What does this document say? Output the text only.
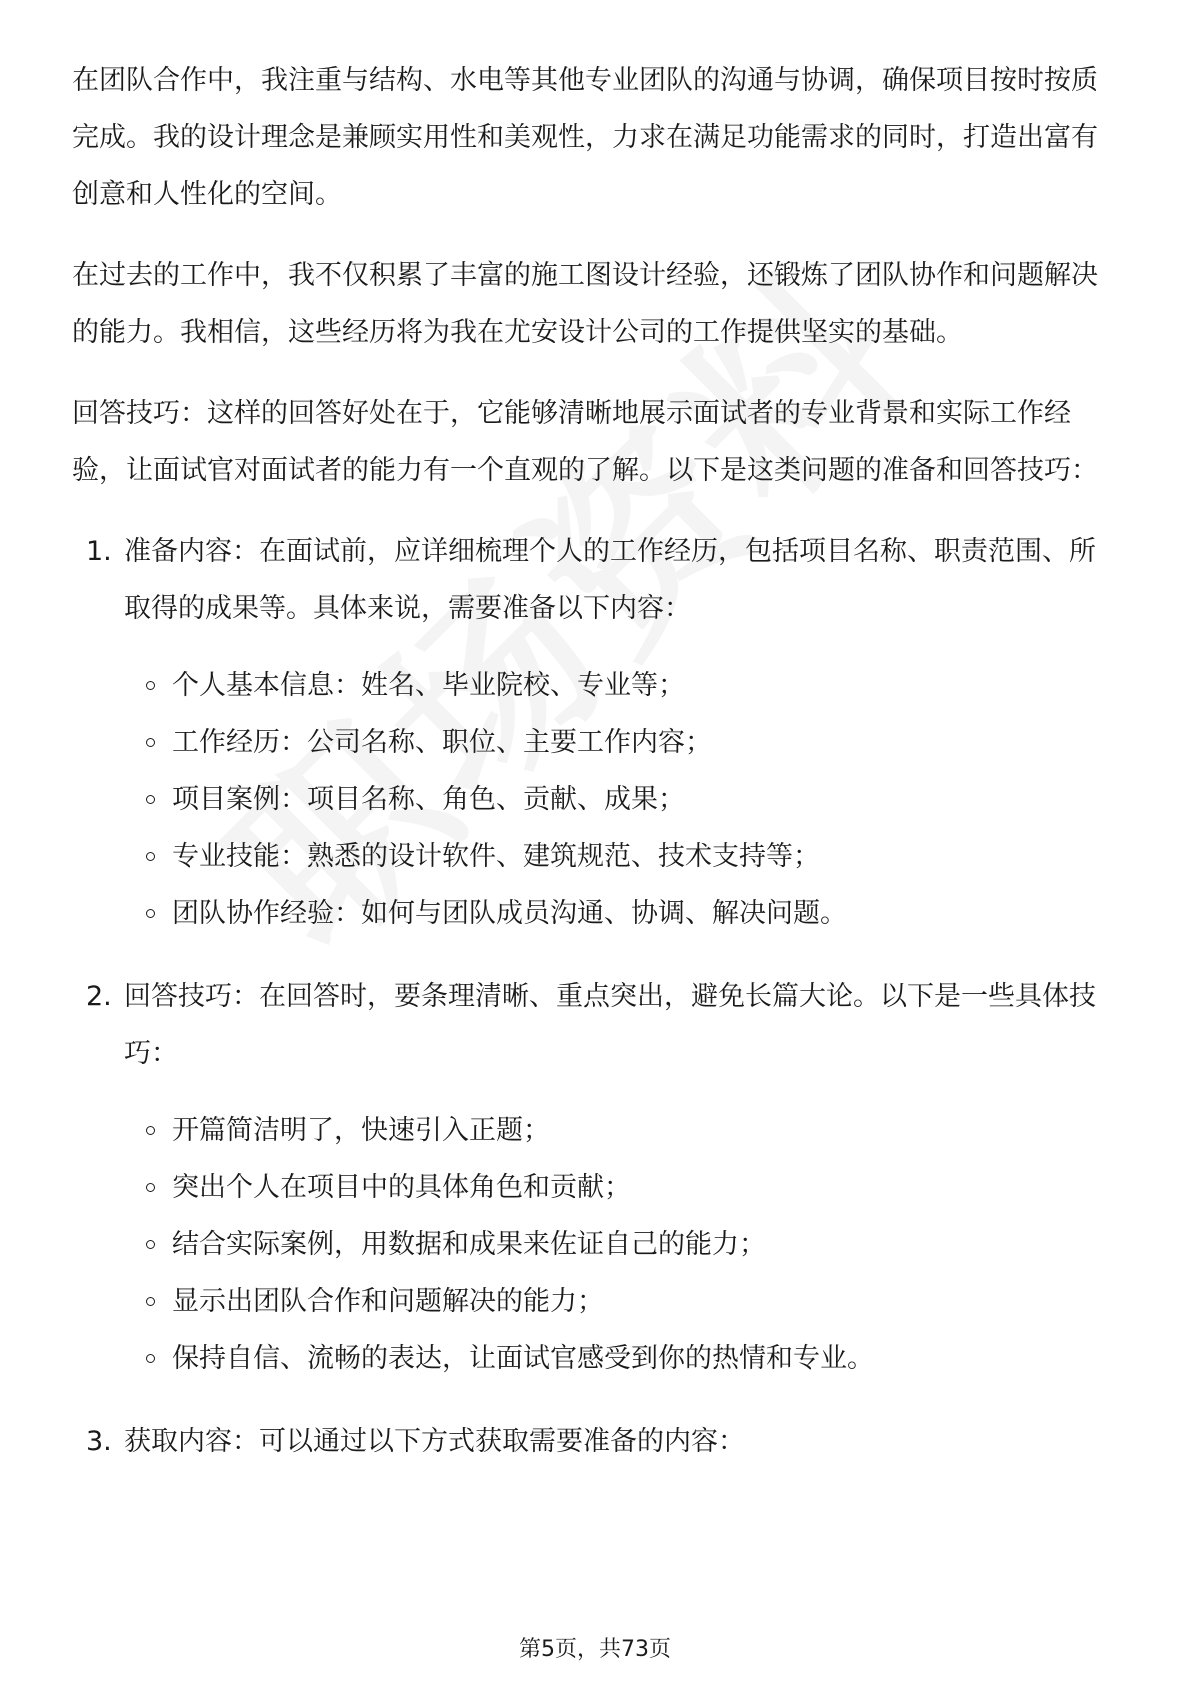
在团队合作中，我注重与结构、水电等其他专业团队的沟通与协调，确保项目按时按质完成。我的设计理念是兼顾实用性和美观性，力求在满足功能需求的同时，打造出富有创意和人性化的空间。

在过去的工作中，我不仅积累了丰富的施工图设计经验，还锻炼了团队协作和问题解决的能力。我相信，这些经历将为我在尤安设计公司的工作提供坚实的基础。

回答技巧：这样的回答好处在于，它能够清晰地展示面试者的专业背景和实际工作经验，让面试官对面试者的能力有一个直观的了解。以下是这类问题的准备和回答技巧：

1. 准备内容：在面试前，应详细梳理个人的工作经历，包括项目名称、职责范围、所取得的成果等。具体来说，需要准备以下内容：
个人基本信息：姓名、毕业院校、专业等；
工作经历：公司名称、职位、主要工作内容；
项目案例：项目名称、角色、贡献、成果；
专业技能：熟悉的设计软件、建筑规范、技术支持等；
团队协作经验：如何与团队成员沟通、协调、解决问题。
2. 回答技巧：在回答时，要条理清晰、重点突出，避免长篇大论。以下是一些具体技巧：
开篇简洁明了，快速引入正题；
突出个人在项目中的具体角色和贡献；
结合实际案例，用数据和成果来佐证自己的能力；
显示出团队合作和问题解决的能力；
保持自信、流畅的表达，让面试官感受到你的热情和专业。
3. 获取内容：可以通过以下方式获取需要准备的内容：
第5页，共73页
